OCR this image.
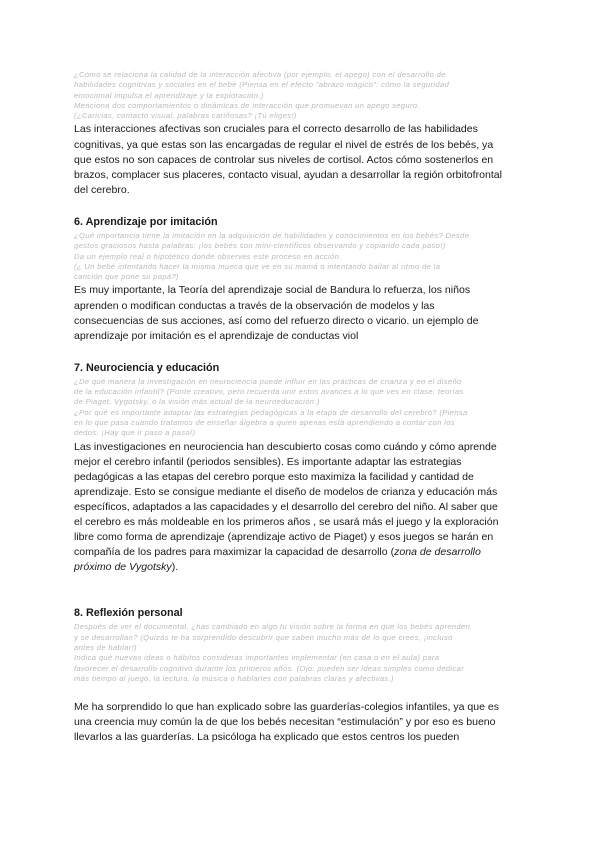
¿Cómo se relaciona la calidad de la interacción afectiva (por ejemplo, el apego) con el desarrollo de

habilidades cognitivas y sociales en el bebé (Piensa en el efecto "abrazo mágico": cómo la seguridad

emocional impulsa el aprendizaje y la exploración.)

Menciona dos comportamientos o dinámicas de interacción que promuevan un apego seguro.

(¿Caricias, contacto visual, palabras cariñosas? ¡Tú eliges!)

Las interacciones afectivas son cruciales para el correcto desarrollo de las habilidades

cognitivas, ya que estas son las encargadas de regular el nivel de estrés de los bebés, ya

que estos no son capaces de controlar sus niveles de cortisol. Actos cómo sostenerlos en

brazos, complacer sus placeres, contacto visual, ayudan a desarrollar la región orbitofrontal

del cerebro.

6. Aprendizaje por imitación

¿Qué importancia tiene la imitación en la adquisición de habilidades y conocimientos en los bebés? Desde

gestos graciosos hasta palabras: ¡los bebés son mini-científicos observando y copiando cada paso!)

Da un ejemplo real o hipotético donde observes este proceso en acción.

(¿ Un bebé intentando hacer la misma mueca que ve en su mamá o intentando bailar al ritmo de la

canción que pone su papá?)

Es muy importante, la Teoría del aprendizaje social de Bandura lo refuerza, los niños

aprenden o modifican conductas a través de la observación de modelos y las

consecuencias de sus acciones, así como del refuerzo directo o vicario. un ejemplo de

aprendizaje por imitación es el aprendizaje de conductas viol

7. Neurociencia y educación

¿De qué manera la investigación en neurociencia puede influir en las prácticas de crianza y en el diseño

de la educación infantil? (Ponte creativo, pero recuerda unir estos avances a lo que ves en clase: teorías

de Piaget, Vygotsky, o la visión más actual de la neuroeducación.)

¿Por qué es importante adaptar las estrategias pedagógicas a la etapa de desarrollo del cerebro? (Piensa

en lo que pasa cuando tratamos de enseñar álgebra a quien apenas está aprendiendo a contar con los

dedos. ¡Hay que ir paso a paso!)

Las investigaciones en neurociencia han descubierto cosas como cuándo y cómo aprende

mejor el cerebro infantil (periodos sensibles). Es importante adaptar las estrategias

pedagógicas a las etapas del cerebro porque esto maximiza la facilidad y cantidad de

aprendizaje. Esto se consigue mediante el diseño de modelos de crianza y educación más

específicos, adaptados a las capacidades y el desarrollo del cerebro del niño. Al saber que

el cerebro es más moldeable en los primeros años , se usará más el juego y la exploración

libre como forma de aprendizaje (aprendizaje activo de Piaget) y esos juegos se harán en

compañía de los padres para maximizar la capacidad de desarrollo (zona de desarrollo

próximo de Vygotsky).

8. Reflexión personal

Después de ver el documental, ¿has cambiado en algo tu visión sobre la forma en que los bebés aprenden

y se desarrollan? (Quizás te ha sorprendido descubrir que saben mucho más de lo que crees, ¡incluso

antes de hablar!)

Indica qué nuevas ideas o hábitos consideras importantes implementar (en casa o en el aula) para

favorecer el desarrollo cognitivo durante los primeros años. (Ojo: pueden ser ideas simples como dedicar

más tiempo al juego, la lectura, la música o hablarles con palabras claras y afectivas.)

Me ha sorprendido lo que han explicado sobre las guarderías-colegios infantiles, ya que es

una creencia muy común la de que los bebés necesitan “estimulación” y por eso es bueno

llevarlos a las guarderías. La psicóloga ha explicado que estos centros los pueden
